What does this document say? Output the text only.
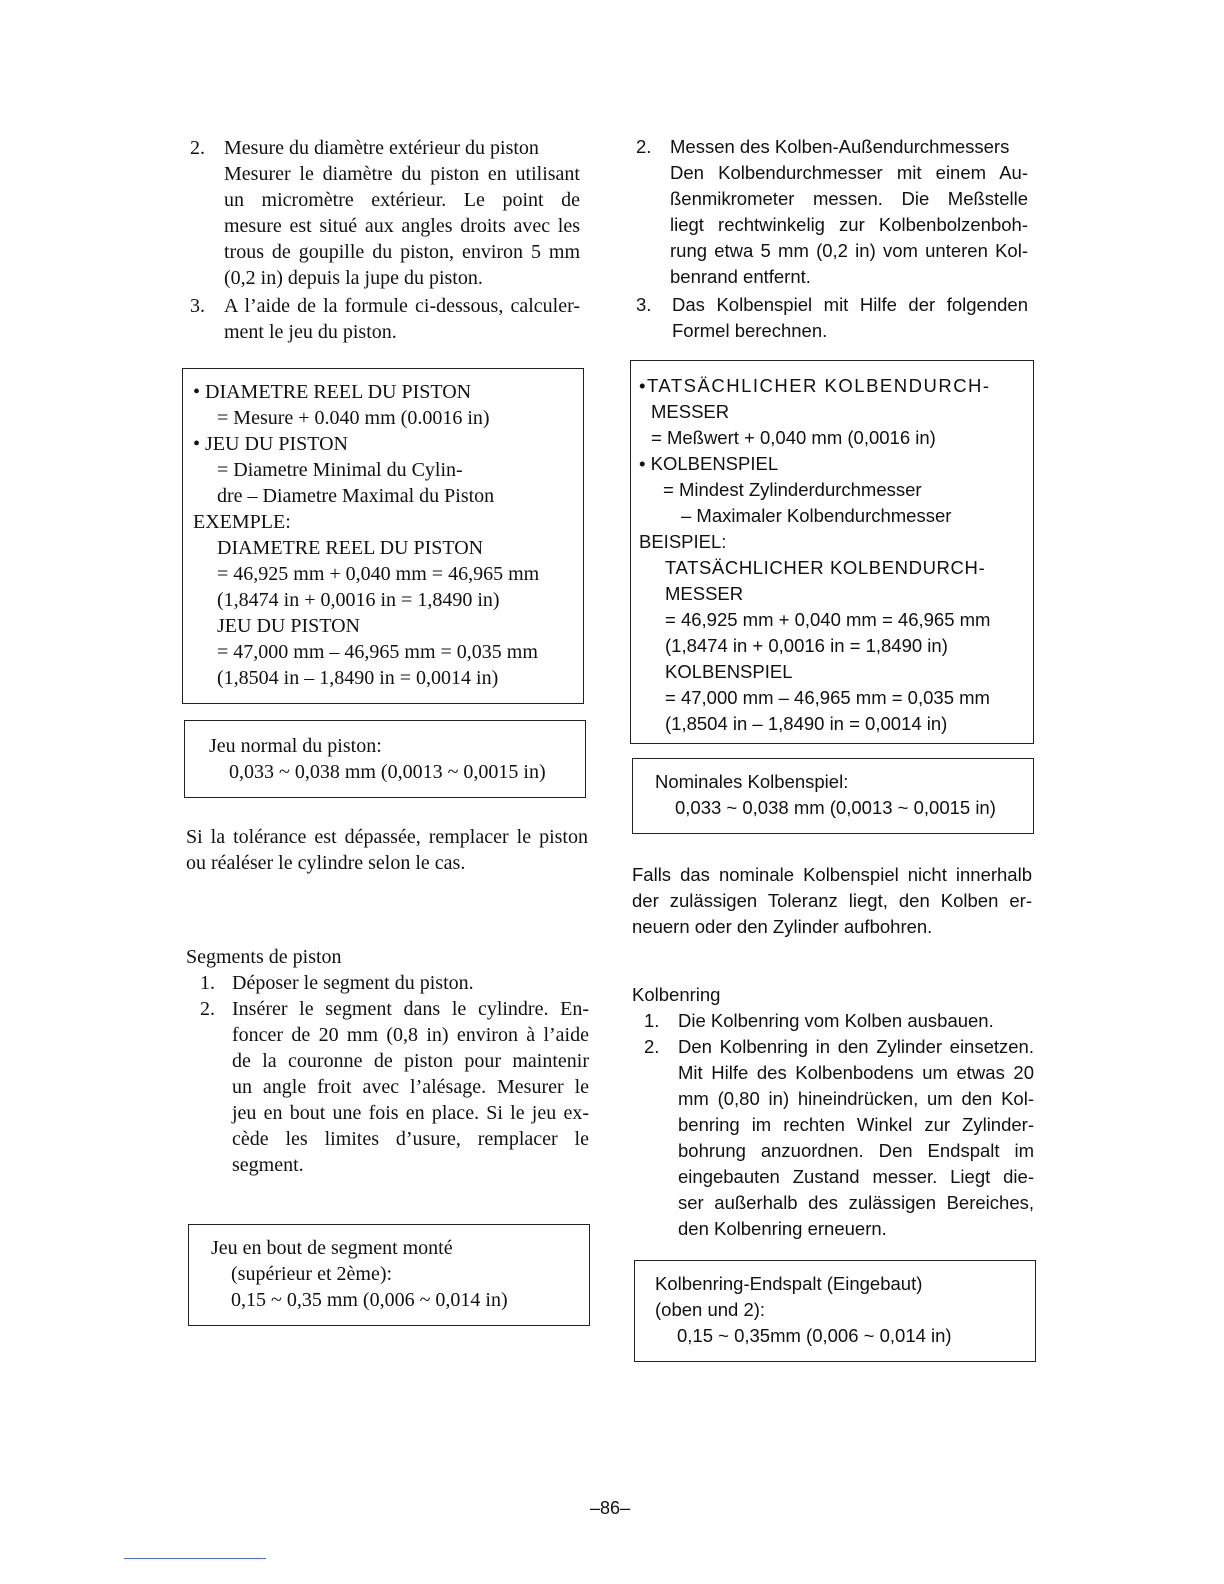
2. Mesure du diamètre extérieur du piston
Mesurer le diamètre du piston en utilisant
un micromètre extérieur. Le point de
mesure est situé aux angles droits avec les
trous de goupille du piston, environ 5 mm
(0,2 in) depuis la jupe du piston.
3. A l’aide de la formule ci-dessous, calculer-
ment le jeu du piston.
• DIAMETRE REEL DU PISTON
= Mesure + 0.040 mm (0.0016 in)
• JEU DU PISTON
= Diametre Minimal du Cylin-
dre – Diametre Maximal du Piston
EXEMPLE:
DIAMETRE REEL DU PISTON
= 46,925 mm + 0,040 mm = 46,965 mm
(1,8474 in + 0,0016 in = 1,8490 in)
JEU DU PISTON
= 47,000 mm – 46,965 mm = 0,035 mm
(1,8504 in – 1,8490 in = 0,0014 in)
Jeu normal du piston:
0,033 ~ 0,038 mm (0,0013 ~ 0,0015 in)
Si la tolérance est dépassée, remplacer le piston
ou réaléser le cylindre selon le cas.
Segments de piston
1. Déposer le segment du piston.
2. Insérer le segment dans le cylindre. En-
foncer de 20 mm (0,8 in) environ à l’aide
de la couronne de piston pour maintenir
un angle froit avec l’alésage. Mesurer le
jeu en bout une fois en place. Si le jeu ex-
cède les limites d’usure, remplacer le
segment.
Jeu en bout de segment monté
(supérieur et 2ème):
0,15 ~ 0,35 mm (0,006 ~ 0,014 in)
2. Messen des Kolben-Außendurchmessers
Den Kolbendurchmesser mit einem Au-
ßenmikrometer messen. Die Meßstelle
liegt rechtwinkelig zur Kolbenbolzenboh-
rung etwa 5 mm (0,2 in) vom unteren Kol-
benrand entfernt.
3. Das Kolbenspiel mit Hilfe der folgenden
Formel berechnen.
•TATSÄCHLICHER KOLBENDURCH-
MESSER
= Meßwert + 0,040 mm (0,0016 in)
• KOLBENSPIEL
= Mindest Zylinderdurchmesser
– Maximaler Kolbendurchmesser
BEISPIEL:
TATSÄCHLICHER KOLBENDURCH-
MESSER
= 46,925 mm + 0,040 mm = 46,965 mm
(1,8474 in + 0,0016 in = 1,8490 in)
KOLBENSPIEL
= 47,000 mm – 46,965 mm = 0,035 mm
(1,8504 in – 1,8490 in = 0,0014 in)
Nominales Kolbenspiel:
0,033 ~ 0,038 mm (0,0013 ~ 0,0015 in)
Falls das nominale Kolbenspiel nicht innerhalb
der zulässigen Toleranz liegt, den Kolben er-
neuern oder den Zylinder aufbohren.
Kolbenring
1. Die Kolbenring vom Kolben ausbauen.
2. Den Kolbenring in den Zylinder einsetzen.
Mit Hilfe des Kolbenbodens um etwas 20
mm (0,80 in) hineindrücken, um den Kol-
benring im rechten Winkel zur Zylinder-
bohrung anzuordnen. Den Endspalt im
eingebauten Zustand messer. Liegt die-
ser außerhalb des zulässigen Bereiches,
den Kolbenring erneuern.
Kolbenring-Endspalt (Eingebaut)
(oben und 2):
0,15 ~ 0,35mm (0,006 ~ 0,014 in)
–86–
